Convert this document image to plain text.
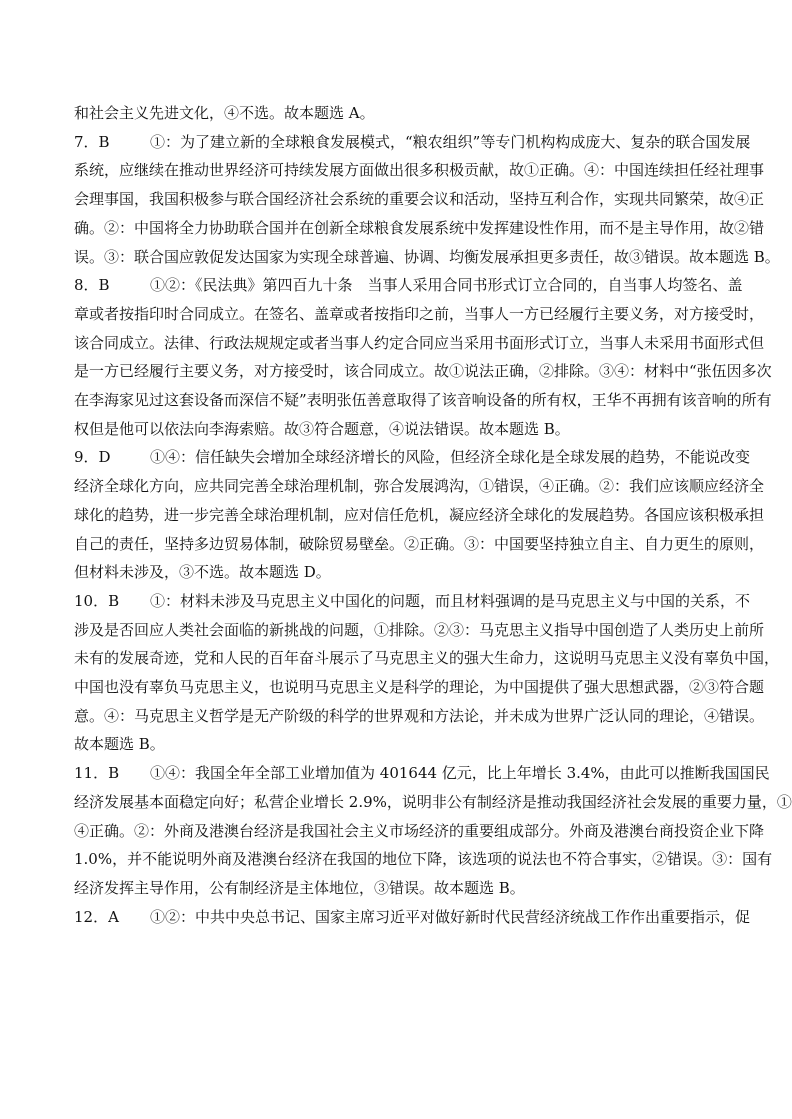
和社会主义先进文化，④不选。故本题选 A。
7．B	①：为了建立新的全球粮食发展模式，“粮农组织”等专门机构构成庞大、复杂的联合国发展
系统，应继续在推动世界经济可持续发展方面做出很多积极贡献，故①正确。④：中国连续担任经社理事
会理事国，我国积极参与联合国经济社会系统的重要会议和活动，坚持互利合作，实现共同繁荣，故④正
确。②：中国将全力协助联合国并在创新全球粮食发展系统中发挥建设性作用，而不是主导作用，故②错
误。③：联合国应敦促发达国家为实现全球普遍、协调、均衡发展承担更多责任，故③错误。故本题选 B。
8．B	①②：《民法典》第四百九十条　当事人采用合同书形式订立合同的，自当事人均签名、盖
章或者按指印时合同成立。在签名、盖章或者按指印之前，当事人一方已经履行主要义务，对方接受时，
该合同成立。法律、行政法规规定或者当事人约定合同应当采用书面形式订立，当事人未采用书面形式但
是一方已经履行主要义务，对方接受时，该合同成立。故①说法正确，②排除。③④：材料中“张伍因多次
在李海家见过这套设备而深信不疑”表明张伍善意取得了该音响设备的所有权，王华不再拥有该音响的所有
权但是他可以依法向李海索赔。故③符合题意，④说法错误。故本题选 B。
9．D	①④：信任缺失会增加全球经济增长的风险，但经济全球化是全球发展的趋势，不能说改变
经济全球化方向，应共同完善全球治理机制，弥合发展鸿沟，①错误，④正确。②：我们应该顺应经济全
球化的趋势，进一步完善全球治理机制，应对信任危机，凝应经济全球化的发展趋势。各国应该积极承担
自己的责任，坚持多边贸易体制，破除贸易壁垒。②正确。③：中国要坚持独立自主、自力更生的原则，
但材料未涉及，③不选。故本题选 D。
10．B ①：材料未涉及马克思主义中国化的问题，而且材料强调的是马克思主义与中国的关系，不
涉及是否回应人类社会面临的新挑战的问题，①排除。②③：马克思主义指导中国创造了人类历史上前所
未有的发展奇迹，党和人民的百年奋斗展示了马克思主义的强大生命力，这说明马克思主义没有辜负中国，
中国也没有辜负马克思主义，也说明马克思主义是科学的理论，为中国提供了强大思想武器，②③符合题
意。④：马克思主义哲学是无产阶级的科学的世界观和方法论，并未成为世界广泛认同的理论，④错误。
故本题选 B。
11．B ①④：我国全年全部工业增加值为 401644 亿元，比上年增长 3.4%，由此可以推断我国国民
经济发展基本面稳定向好；私营企业增长 2.9%，说明非公有制经济是推动我国经济社会发展的重要力量，①
④正确。②：外商及港澳台经济是我国社会主义市场经济的重要组成部分。外商及港澳台商投资企业下降
1.0%，并不能说明外商及港澳台经济在我国的地位下降，该选项的说法也不符合事实，②错误。③：国有
经济发挥主导作用，公有制经济是主体地位，③错误。故本题选 B。
12．A ①②：中共中央总书记、国家主席习近平对做好新时代民营经济统战工作作出重要指示，促
